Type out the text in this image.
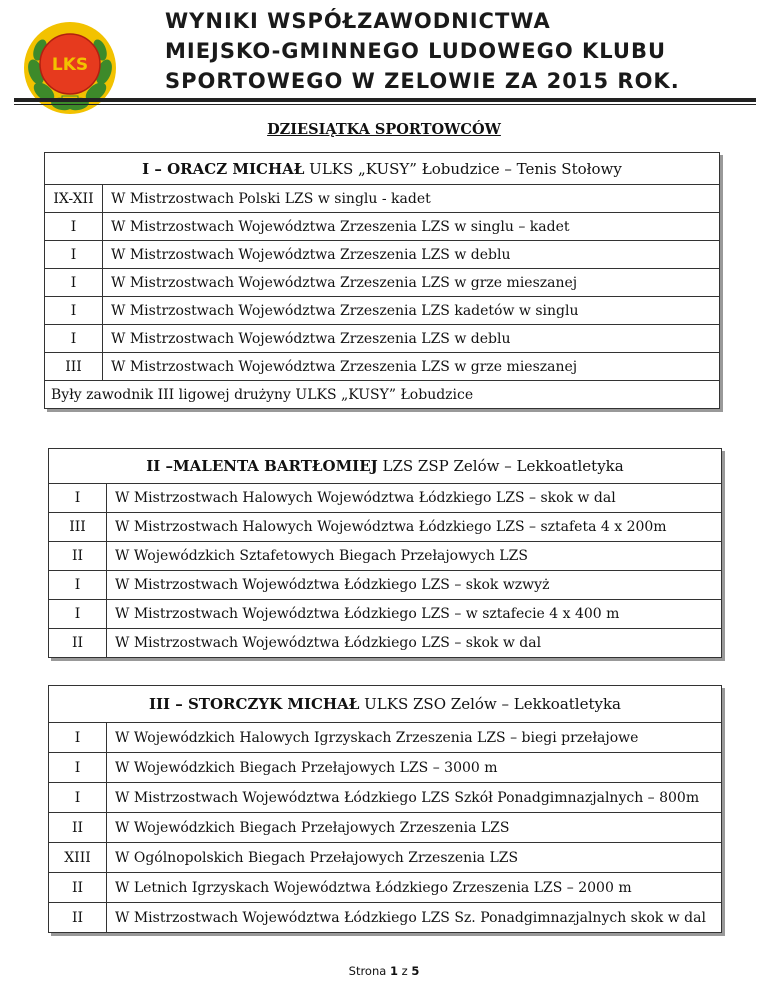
LKS
WYNIKI WSPÓŁZAWODNICTWA
MIEJSKO-GMINNEGO LUDOWEGO KLUBU
SPORTOWEGO W ZELOWIE ZA 2015 ROK.
DZIESIĄTKA SPORTOWCÓW
I – ORACZ MICHAŁ ULKS „KUSY” Łobudzice – Tenis Stołowy	
IX-XII	W Mistrzostwach Polski LZS w singlu - kadet
I	W Mistrzostwach Województwa Zrzeszenia LZS w singlu – kadet
I	W Mistrzostwach Województwa Zrzeszenia LZS w deblu
I	W Mistrzostwach Województwa Zrzeszenia LZS w grze mieszanej
I	W Mistrzostwach Województwa Zrzeszenia LZS kadetów w singlu
I	W Mistrzostwach Województwa Zrzeszenia LZS w deblu
III	W Mistrzostwach Województwa Zrzeszenia LZS w grze mieszanej
Były zawodnik III ligowej drużyny ULKS „KUSY” Łobudzice	
II –MALENTA BARTŁOMIEJ LZS ZSP Zelów – Lekkoatletyka	
I	W Mistrzostwach Halowych Województwa Łódzkiego LZS – skok w dal
III	W Mistrzostwach Halowych Województwa Łódzkiego LZS – sztafeta 4 x 200m
II	W Wojewódzkich Sztafetowych Biegach Przełajowych LZS
I	W Mistrzostwach Województwa Łódzkiego LZS – skok wzwyż
I	W Mistrzostwach Województwa Łódzkiego LZS – w sztafecie 4 x 400 m
II	W Mistrzostwach Województwa Łódzkiego LZS – skok w dal
III – STORCZYK MICHAŁ ULKS ZSO Zelów – Lekkoatletyka	
I	W Wojewódzkich Halowych Igrzyskach Zrzeszenia LZS – biegi przełajowe
I	W Wojewódzkich Biegach Przełajowych LZS – 3000 m
I	W Mistrzostwach Województwa Łódzkiego LZS Szkół Ponadgimnazjalnych – 800m
II	W Wojewódzkich Biegach Przełajowych Zrzeszenia LZS
XIII	W Ogólnopolskich Biegach Przełajowych Zrzeszenia LZS
II	W Letnich Igrzyskach Województwa Łódzkiego Zrzeszenia LZS – 2000 m
II	W Mistrzostwach Województwa Łódzkiego LZS Sz. Ponadgimnazjalnych skok w dal
Strona 1 z 5
